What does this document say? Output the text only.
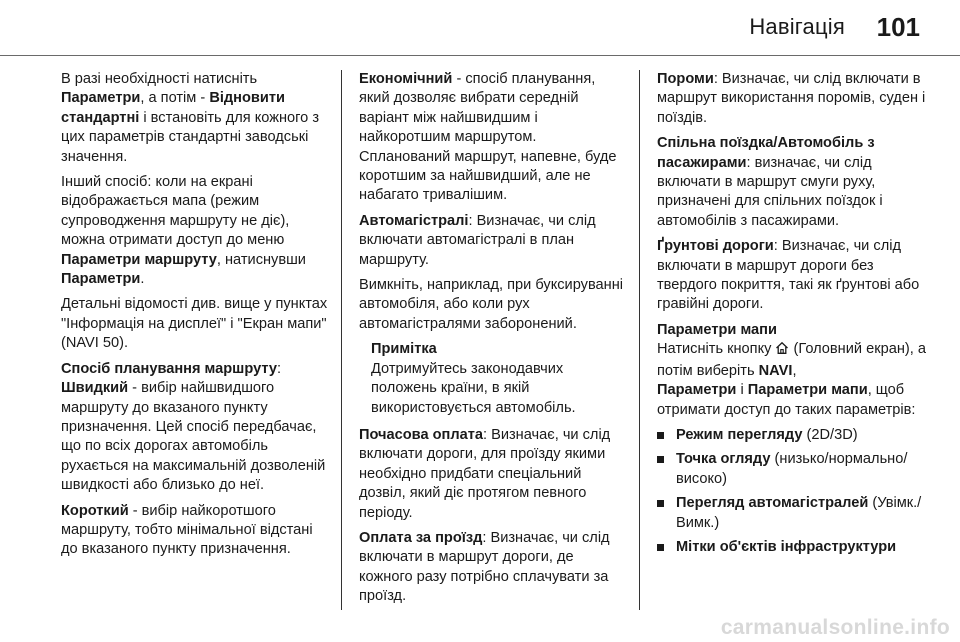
Навігація 101

В разі необхідності натисніть Параметри, а потім - Відновити стандартні і встановіть для кожного з цих параметрів стандартні заводські значення.

Інший спосіб: коли на екрані відображається мапа (режим супроводження маршруту не діє), можна отримати доступ до меню Параметри маршруту, натиснувши Параметри.

Детальні відомості див. вище у пунктах "Інформація на дисплеї" і "Екран мапи" (NAVI 50).

Спосіб планування маршруту:

Швидкий - вибір найшвидшого маршруту до вказаного пункту призначення. Цей спосіб передбачає, що по всіх дорогах автомобіль рухається на максимальній дозволеній швидкості або близько до неї.

Короткий - вибір найкоротшого маршруту, тобто мінімальної відстані до вказаного пункту призначення.

Економічний - спосіб планування, який дозволяє вибрати середній варіант між найшвидшим і найкоротшим маршрутом. Спланований маршрут, напевне, буде коротшим за найшвидший, але не набагато тривалішим.

Автомагістралі: Визначає, чи слід включати автомагістралі в план маршруту.

Вимкніть, наприклад, при буксируванні автомобіля, або коли рух автомагістралями заборонений.

Примітка
Дотримуйтесь законодавчих положень країни, в якій використовується автомобіль.

Почасова оплата: Визначає, чи слід включати дороги, для проїзду якими необхідно придбати спеціальний дозвіл, який діє протягом певного періоду.

Оплата за проїзд: Визначає, чи слід включати в маршрут дороги, де кожного разу потрібно сплачувати за проїзд.

Пороми: Визначає, чи слід включати в маршрут використання поромів, суден і поїздів.

Спільна поїздка/Автомобіль з пасажирами: визначає, чи слід включати в маршрут смуги руху, призначені для спільних поїздок і автомобілів з пасажирами.

Ґрунтові дороги: Визначає, чи слід включати в маршрут дороги без твердого покриття, такі як ґрунтові або гравійні дороги.

Параметри мапи
Натисніть кнопку  (Головний екран), а потім виберіть NAVI,
Параметри і Параметри мапи, щоб отримати доступ до таких параметрів:

Режим перегляду (2D/3D)
Точка огляду (низько/нормально/високо)
Перегляд автомагістралей (Увімк./Вимк.)
Мітки об'єктів інфраструктури
carmanualsonline.info
